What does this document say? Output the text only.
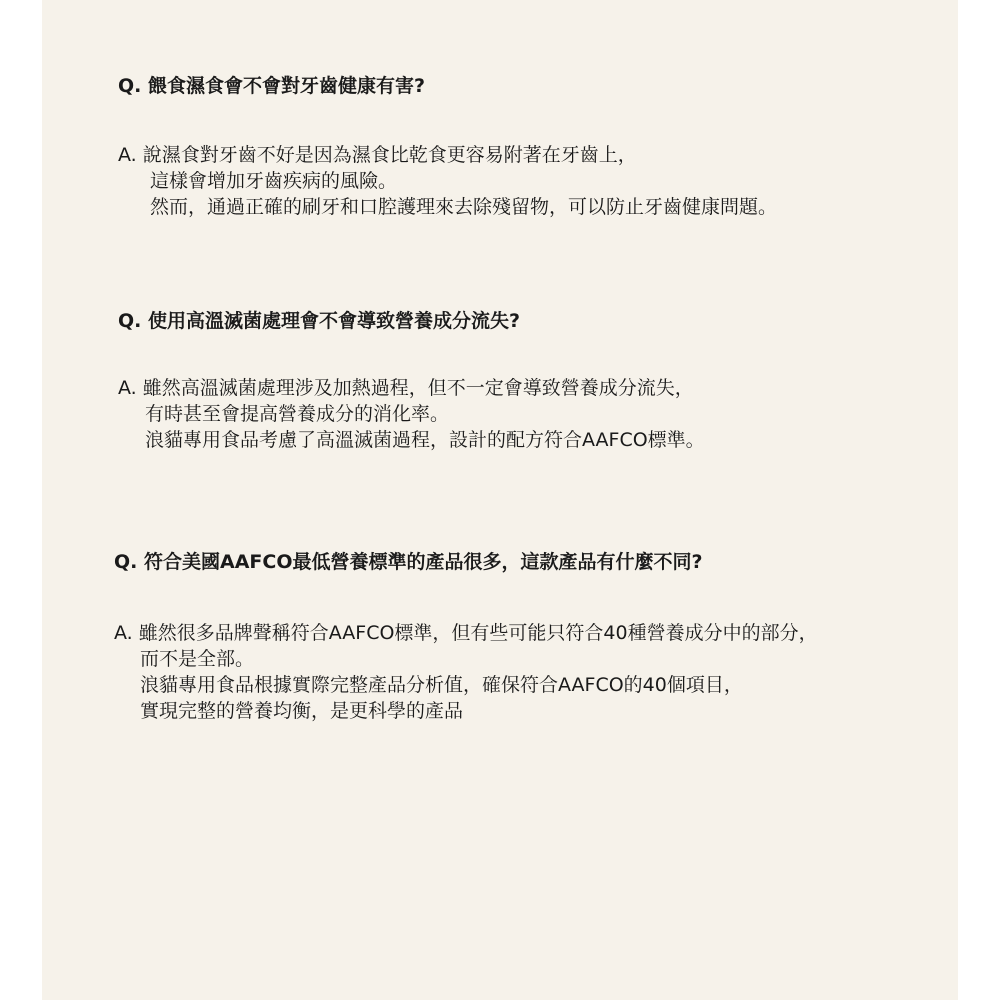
Q. 餵食濕食會不會對牙齒健康有害?
A. 說濕食對牙齒不好是因為濕食比乾食更容易附著在牙齒上，
這樣會增加牙齒疾病的風險。
然而，通過正確的刷牙和口腔護理來去除殘留物，可以防止牙齒健康問題。
Q. 使用高溫滅菌處理會不會導致營養成分流失?
A. 雖然高溫滅菌處理涉及加熱過程，但不一定會導致營養成分流失，
有時甚至會提高營養成分的消化率。
浪貓專用食品考慮了高溫滅菌過程，設計的配方符合AAFCO標準。
Q. 符合美國AAFCO最低營養標準的產品很多，這款產品有什麼不同?
A. 雖然很多品牌聲稱符合AAFCO標準，但有些可能只符合40種營養成分中的部分，
而不是全部。
浪貓專用食品根據實際完整產品分析值，確保符合AAFCO的40個項目，
實現完整的營養均衡，是更科學的產品
